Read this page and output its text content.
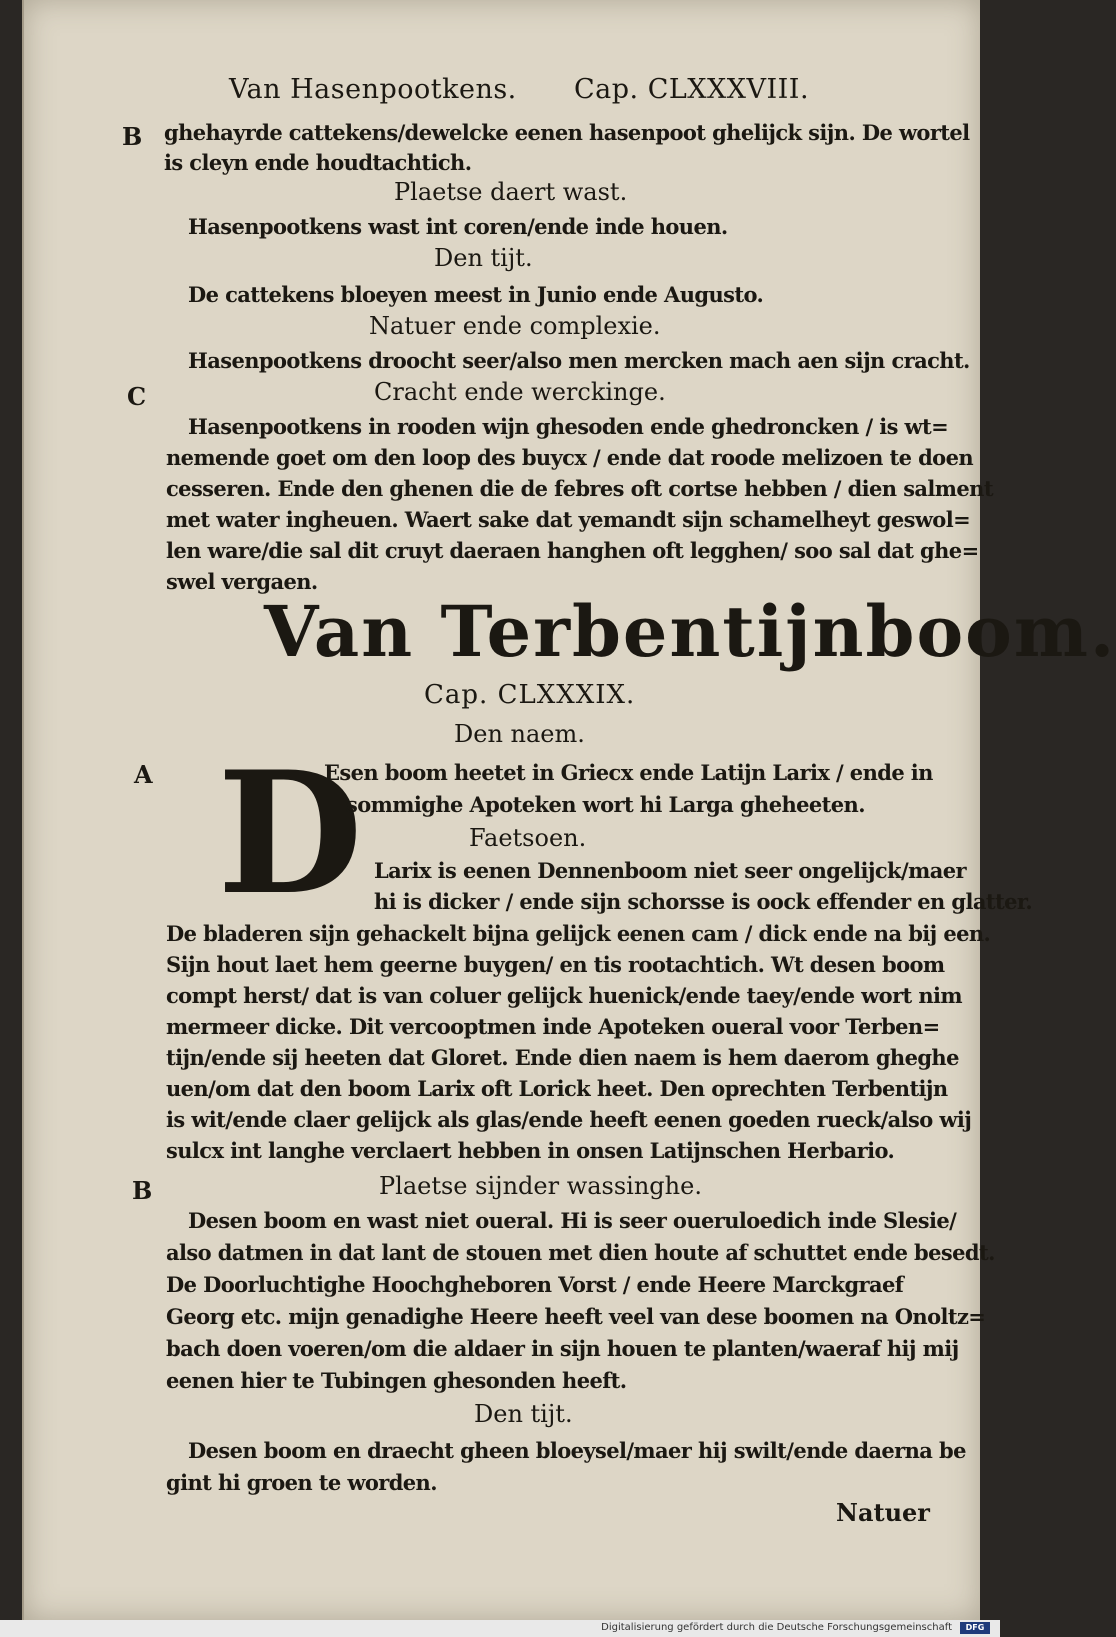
Van Hasenpootkens. Cap. CLXXXVIII.
B ghehayrde cattekens/dewelcke eenen hasenpoot ghelijck sijn. De wortel
is cleyn ende houdtachtich.
Plaetse daert wast.
Hasenpootkens wast int coren/ende inde houen.
Den tijt.
De cattekens bloeyen meest in Junio ende Augusto.
Natuer ende complexie.
Hasenpootkens droocht seer/also men mercken mach aen sijn cracht.
C	Cracht ende werckinge.
Hasenpootkens in rooden wijn ghesoden ende ghedroncken / is wt=
nemende goet om den loop des buycx / ende dat roode melizoen te doen
cesseren. Ende den ghenen die de febres oft cortse hebben / dien salment
met water ingheuen. Waert sake dat yemandt sijn schamelheyt geswol=
len ware/die sal dit cruyt daeraen hanghen oft legghen/ soo sal dat ghe=
swel vergaen.
Van Terbentijnboom.
Cap. CLXXXIX.
Den naem.
A D
Esen boom heetet in Griecx ende Latijn Larix / ende in
sommighe Apoteken wort hi Larga gheheeten.
Faetsoen.
Larix is eenen Dennenboom niet seer ongelijck/maer
hi is dicker / ende sijn schorsse is oock effender en glatter.
De bladeren sijn gehackelt bijna gelijck eenen cam / dick ende na bij een.
Sijn hout laet hem geerne buygen/ en tis rootachtich. Wt desen boom
compt herst/ dat is van coluer gelijck huenick/ende taey/ende wort nim
mermeer dicke. Dit vercooptmen inde Apoteken oueral voor Terben=
tijn/ende sij heeten dat Gloret. Ende dien naem is hem daerom gheghe
uen/om dat den boom Larix oft Lorick heet. Den oprechten Terbentijn
is wit/ende claer gelijck als glas/ende heeft eenen goeden rueck/also wij
sulcx int langhe verclaert hebben in onsen Latijnschen Herbario.
B	Plaetse sijnder wassinghe.
Desen boom en wast niet oueral. Hi is seer oueruloedich inde Slesie/
also datmen in dat lant de stouen met dien houte af schuttet ende besedt.
De Doorluchtighe Hoochgheboren Vorst / ende Heere Marckgraef
Georg etc. mijn genadighe Heere heeft veel van dese boomen na Onoltz=
bach doen voeren/om die aldaer in sijn houen te planten/waeraf hij mij
eenen hier te Tubingen ghesonden heeft.
Den tijt.
Desen boom en draecht gheen bloeysel/maer hij swilt/ende daerna be
gint hi groen te worden.
Natuer
Digitalisierung gefördert durch die Deutsche Forschungsgemeinschaft	DFG
